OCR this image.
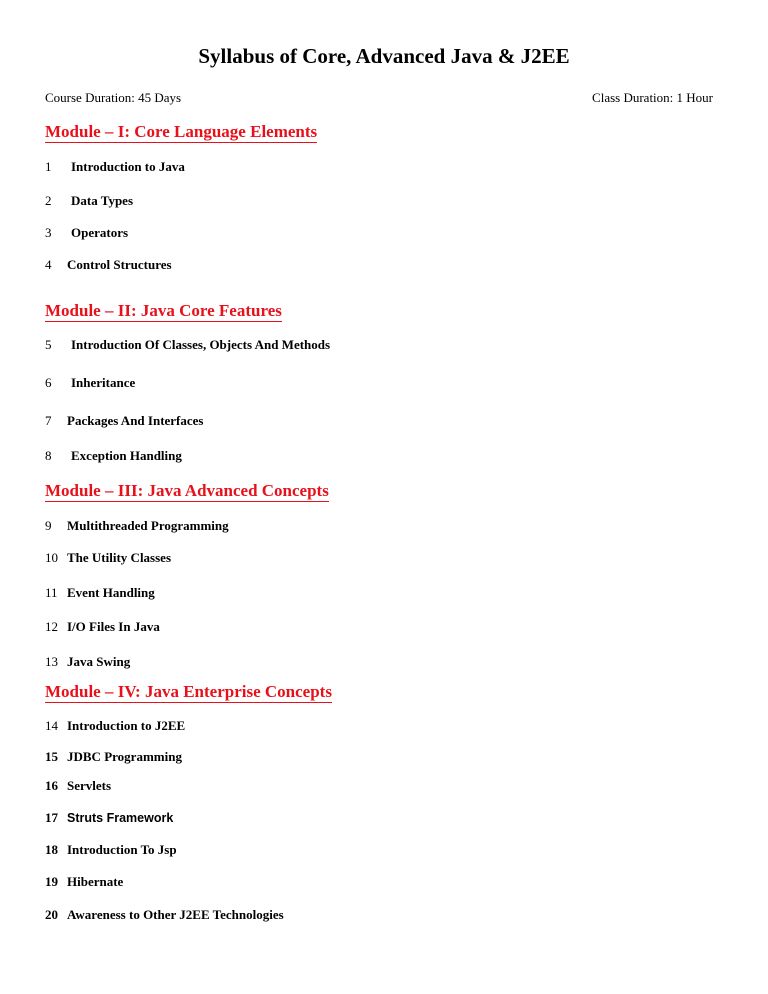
Syllabus of Core, Advanced Java & J2EE
Course Duration: 45 Days	Class Duration: 1 Hour
Module – I: Core Language Elements
1 Introduction to Java
2 Data Types
3 Operators
4 Control Structures
Module – II: Java Core Features
5 Introduction Of Classes, Objects And Methods
6 Inheritance
7 Packages And Interfaces
8 Exception Handling
Module – III: Java Advanced Concepts
9 Multithreaded Programming
10 The Utility Classes
11 Event Handling
12 I/O Files In Java
13 Java Swing
Module – IV: Java Enterprise Concepts
14 Introduction to J2EE
15 JDBC Programming
16 Servlets
17 Struts Framework
18 Introduction To Jsp
19 Hibernate
20 Awareness to Other J2EE Technologies
